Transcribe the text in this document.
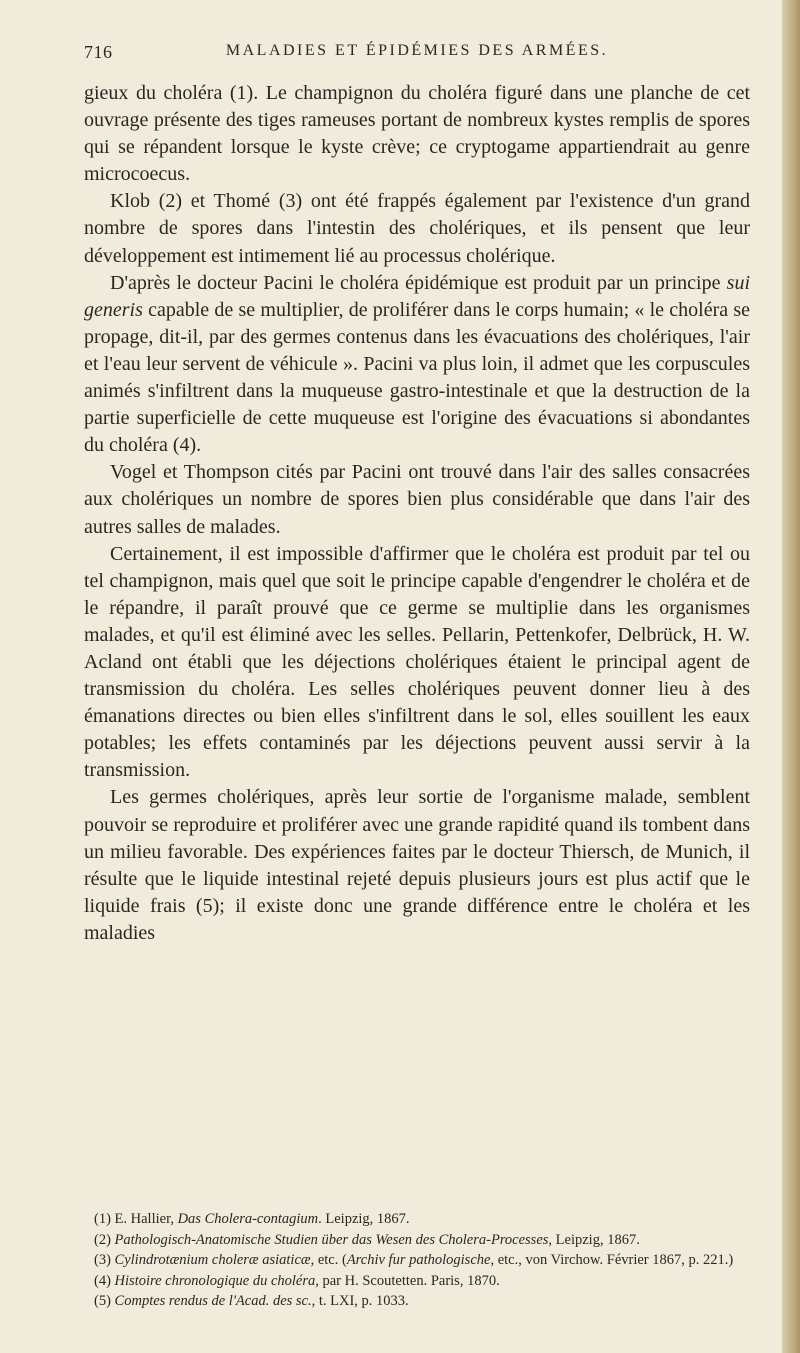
716	MALADIES ET ÉPIDÉMIES DES ARMÉES.

gieux du choléra (1). Le champignon du choléra figuré dans une planche de cet ouvrage présente des tiges rameuses portant de nombreux kystes remplis de spores qui se répandent lorsque le kyste crève; ce cryptogame appartiendrait au genre microcoecus.

Klob (2) et Thomé (3) ont été frappés également par l'existence d'un grand nombre de spores dans l'intestin des cholériques, et ils pensent que leur développement est intimement lié au processus cholérique.

D'après le docteur Pacini le choléra épidémique est produit par un principe sui generis capable de se multiplier, de proliférer dans le corps humain; « le choléra se propage, dit-il, par des germes contenus dans les évacuations des cholériques, l'air et l'eau leur servent de véhicule ». Pacini va plus loin, il admet que les corpuscules animés s'infiltrent dans la muqueuse gastro-intestinale et que la destruction de la partie superficielle de cette muqueuse est l'origine des évacuations si abondantes du choléra (4).

Vogel et Thompson cités par Pacini ont trouvé dans l'air des salles consacrées aux cholériques un nombre de spores bien plus considérable que dans l'air des autres salles de malades.

Certainement, il est impossible d'affirmer que le choléra est produit par tel ou tel champignon, mais quel que soit le principe capable d'engendrer le choléra et de le répandre, il paraît prouvé que ce germe se multiplie dans les organismes malades, et qu'il est éliminé avec les selles. Pellarin, Pettenkofer, Delbrück, H. W. Acland ont établi que les déjections cholériques étaient le principal agent de transmission du choléra. Les selles cholériques peuvent donner lieu à des émanations directes ou bien elles s'infiltrent dans le sol, elles souillent les eaux potables; les effets contaminés par les déjections peuvent aussi servir à la transmission.

Les germes cholériques, après leur sortie de l'organisme malade, semblent pouvoir se reproduire et proliférer avec une grande rapidité quand ils tombent dans un milieu favorable. Des expériences faites par le docteur Thiersch, de Munich, il résulte que le liquide intestinal rejeté depuis plusieurs jours est plus actif que le liquide frais (5); il existe donc une grande différence entre le choléra et les maladies

(1) E. Hallier, Das Cholera-contagium. Leipzig, 1867.

(2) Pathologisch-Anatomische Studien über das Wesen des Cholera-Processes, Leipzig, 1867.

(3) Cylindrotænium choleræ asiaticæ, etc. (Archiv fur pathologische, etc., von Virchow. Février 1867, p. 221.)

(4) Histoire chronologique du choléra, par H. Scoutetten. Paris, 1870.

(5) Comptes rendus de l'Acad. des sc., t. LXI, p. 1033.
